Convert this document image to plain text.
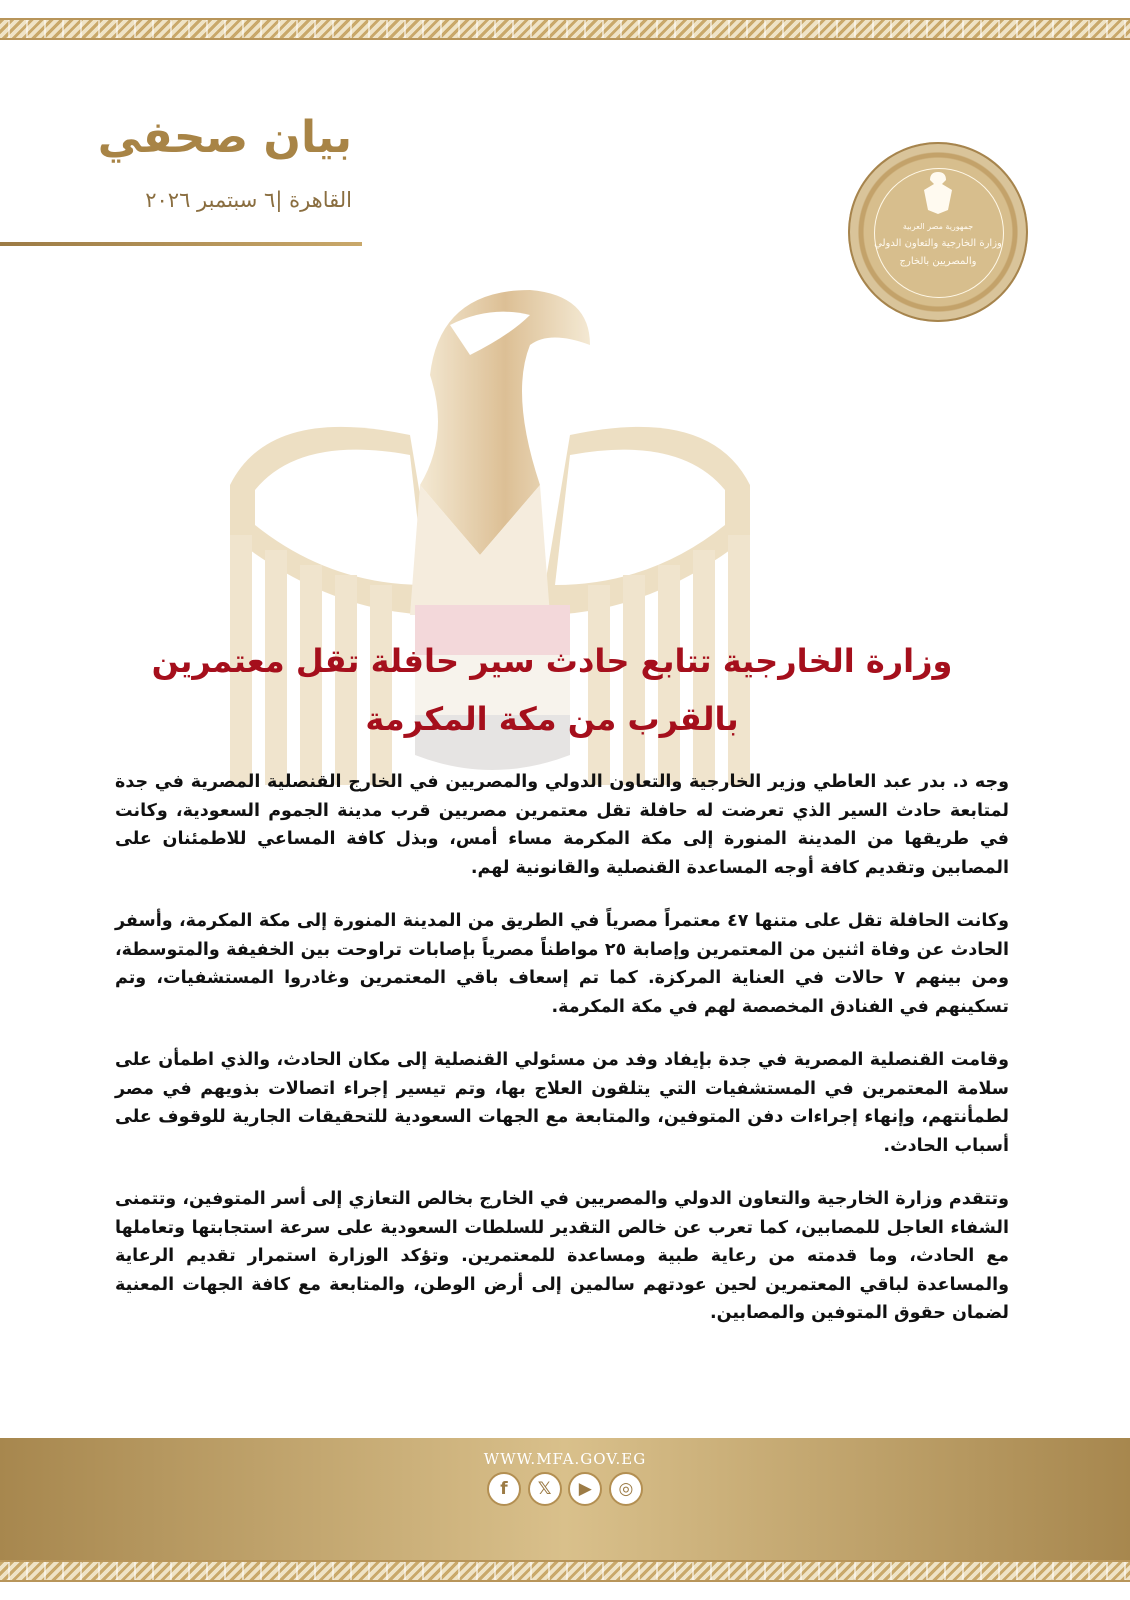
بيان صحفي
القاهرة |٦ سبتمبر ٢٠٢٦
جمهورية مصر العربية
وزارة الخارجية والتعاون الدولي
والمصريين بالخارج
وزارة الخارجية تتابع حادث سير حافلة تقل معتمرين
بالقرب من مكة المكرمة

وجه د. بدر عبد العاطي وزير الخارجية والتعاون الدولي والمصريين في الخارج القنصلية المصرية في جدة لمتابعة حادث السير الذي تعرضت له حافلة تقل معتمرين مصريين قرب مدينة الجموم السعودية، وكانت في طريقها من المدينة المنورة إلى مكة المكرمة مساء أمس، وبذل كافة المساعي للاطمئنان على المصابين وتقديم كافة أوجه المساعدة القنصلية والقانونية لهم.

وكانت الحافلة تقل على متنها ٤٧ معتمراً مصرياً في الطريق من المدينة المنورة إلى مكة المكرمة، وأسفر الحادث عن وفاة اثنين من المعتمرين وإصابة ٢٥ مواطناً مصرياً بإصابات تراوحت بين الخفيفة والمتوسطة، ومن بينهم ٧ حالات في العناية المركزة. كما تم إسعاف باقي المعتمرين وغادروا المستشفيات، وتم تسكينهم في الفنادق المخصصة لهم في مكة المكرمة.

وقامت القنصلية المصرية في جدة بإيفاد وفد من مسئولي القنصلية إلى مكان الحادث، والذي اطمأن على سلامة المعتمرين في المستشفيات التي يتلقون العلاج بها، وتم تيسير إجراء اتصالات بذويهم في مصر لطمأنتهم، وإنهاء إجراءات دفن المتوفين، والمتابعة مع الجهات السعودية للتحقيقات الجارية للوقوف على أسباب الحادث.

وتتقدم وزارة الخارجية والتعاون الدولي والمصريين في الخارج بخالص التعازي إلى أسر المتوفين، وتتمنى الشفاء العاجل للمصابين، كما تعرب عن خالص التقدير للسلطات السعودية على سرعة استجابتها وتعاملها مع الحادث، وما قدمته من رعاية طبية ومساعدة للمعتمرين. وتؤكد الوزارة استمرار تقديم الرعاية والمساعدة لباقي المعتمرين لحين عودتهم سالمين إلى أرض الوطن، والمتابعة مع كافة الجهات المعنية لضمان حقوق المتوفين والمصابين.

WWW.MFA.GOV.EG
f	𝕏	▶	◎
